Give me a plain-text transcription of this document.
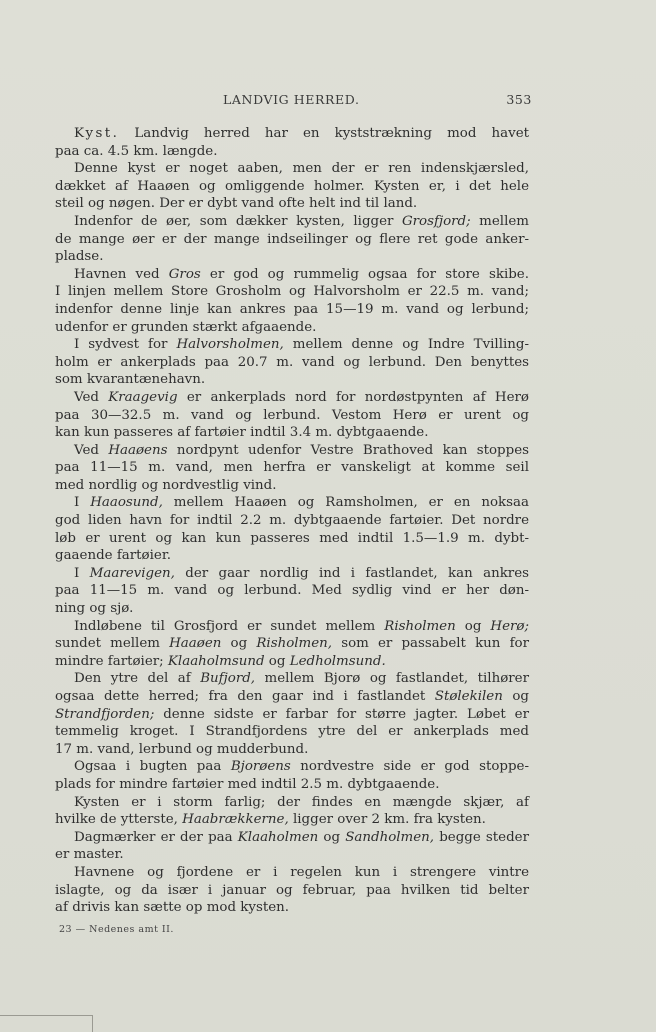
LANDVIG HERRED.	353
Kyst. Landvig herred har en kyststrækning mod havet
paa ca. 4.5 km. længde.
Denne kyst er noget aaben, men der er ren indenskjærsled,
dækket af Haaøen og omliggende holmer. Kysten er, i det hele
steil og nøgen. Der er dybt vand ofte helt ind til land.
Indenfor de øer, som dækker kysten, ligger Grosfjord; mellem
de mange øer er der mange indseilinger og flere ret gode anker-
pladse.
Havnen ved Gros er god og rummelig ogsaa for store skibe.
I linjen mellem Store Grosholm og Halvorsholm er 22.5 m. vand;
indenfor denne linje kan ankres paa 15—19 m. vand og lerbund;
udenfor er grunden stærkt afgaaende.
I sydvest for Halvorsholmen, mellem denne og Indre Tvilling-
holm er ankerplads paa 20.7 m. vand og lerbund. Den benyttes
som kvarantænehavn.
Ved Kraagevig er ankerplads nord for nordøstpynten af Herø
paa 30—32.5 m. vand og lerbund. Vestom Herø er urent og
kan kun passeres af fartøier indtil 3.4 m. dybtgaaende.
Ved Haaøens nordpynt udenfor Vestre Brathoved kan stoppes
paa 11—15 m. vand, men herfra er vanskeligt at komme seil
med nordlig og nordvestlig vind.
I Haaosund, mellem Haaøen og Ramsholmen, er en noksaa
god liden havn for indtil 2.2 m. dybtgaaende fartøier. Det nordre
løb er urent og kan kun passeres med indtil 1.5—1.9 m. dybt-
gaaende fartøier.
I Maarevigen, der gaar nordlig ind i fastlandet, kan ankres
paa 11—15 m. vand og lerbund. Med sydlig vind er her døn-
ning og sjø.
Indløbene til Grosfjord er sundet mellem Risholmen og Herø;
sundet mellem Haaøen og Risholmen, som er passabelt kun for
mindre fartøier; Klaaholmsund og Ledholmsund.
Den ytre del af Bufjord, mellem Bjorø og fastlandet, tilhører
ogsaa dette herred; fra den gaar ind i fastlandet Stølekilen og
Strandfjorden; denne sidste er farbar for større jagter. Løbet er
temmelig kroget. I Strandfjordens ytre del er ankerplads med
17 m. vand, lerbund og mudderbund.
Ogsaa i bugten paa Bjorøens nordvestre side er god stoppe-
plads for mindre fartøier med indtil 2.5 m. dybtgaaende.
Kysten er i storm farlig; der findes en mængde skjær, af
hvilke de ytterste, Haabrækkerne, ligger over 2 km. fra kysten.
Dagmærker er der paa Klaaholmen og Sandholmen, begge steder
er master.
Havnene og fjordene er i regelen kun i strengere vintre
islagte, og da især i januar og februar, paa hvilken tid belter
af drivis kan sætte op mod kysten.
23 — Nedenes amt II.
